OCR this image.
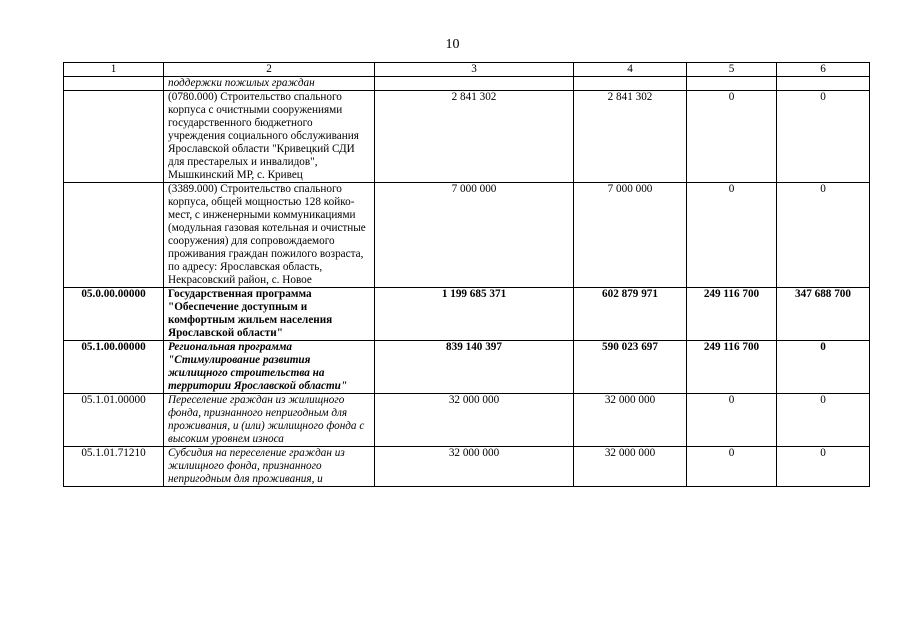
10
1	2	3	4	5	6
	поддержки пожилых граждан				
	(0780.000) Строительство спального корпуса с очистными сооружениями государственного бюджетного учреждения социального обслуживания Ярославской области "Кривецкий СДИ для престарелых и инвалидов", Мышкинский МР, с. Кривец	2 841 302	2 841 302	0	0
	(3389.000) Строительство спального корпуса, общей мощностью 128 койко-мест, с инженерными коммуникациями (модульная газовая котельная и очистные сооружения) для сопровождаемого проживания граждан пожилого возраста, по адресу: Ярославская область, Некрасовский район, с. Новое	7 000 000	7 000 000	0	0
05.0.00.00000	Государственная программа "Обеспечение доступным и комфортным жильем населения Ярославской области"	1 199 685 371	602 879 971	249 116 700	347 688 700
05.1.00.00000	Региональная программа "Стимулирование развития жилищного строительства на территории Ярославской области"	839 140 397	590 023 697	249 116 700	0
05.1.01.00000	Переселение граждан из жилищного фонда, признанного непригодным для проживания, и (или) жилищного фонда с высоким уровнем износа	32 000 000	32 000 000	0	0
05.1.01.71210	Субсидия на переселение граждан из жилищного фонда, признанного непригодным для проживания, и	32 000 000	32 000 000	0	0
